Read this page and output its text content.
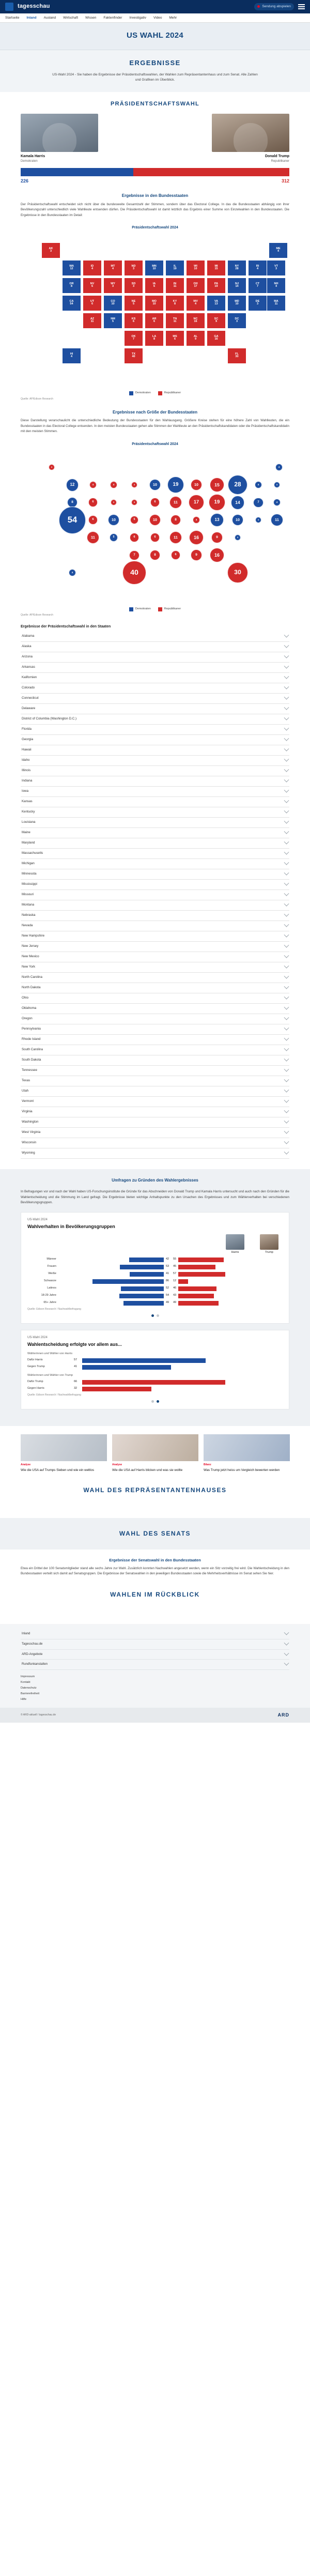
tagesschau	Sendung abspielen
Startseite Inland Ausland Wirtschaft Wissen Faktenfinder Investigativ Video Mehr
US WAHL 2024
ERGEBNISSE

US-Wahl 2024 - Sie haben die Ergebnisse der Präsidentschaftswahlen, der Wahlen zum Repräsentantenhaus und zum Senat. Alle Zahlen und Grafiken im Überblick.

PRÄSIDENTSCHAFTSWAHL
Kamala Harris
Demokraten
Donald Trump
Republikaner
226	312
Ergebnisse in den Bundesstaaten
Der Präsidentschaftswahl entscheidet sich nicht über die bundesweite Gesamtzahl der Stimmen, sondern über das Electoral College. In das die Bundesstaaten abhängig von ihrer Bevölkerungszahl unterschiedlich viele Wahlleute entsenden dürfen. Die Präsidentschaftswahl ist damit letztlich das Ergebnis einer Summe von Einzelwahlen in den Bundesstaaten. Die Ergebnisse in den Bundesstaaten im Detail:
Präsidentschaftswahl 2024
WA
12
OR
8
CA
54
NV
6
ID
4
MT
4
WY
3
UT
6
AZ
11
CO
10
NM
5
ND
3
SD
3
NE
5
KS
6
OK
7
TX
40
MN
10
IA
6
MO
10
AR
6
LA
8
WI
10
IL
19
MS
6
AL
9
MI
15
IN
11
KY
8
TN
11
GA
16
FL
30
OH
17
WV
4
SC
9
NC
16
VA
13
PA
19
NY
28
VT
3
NH
4
ME
4
MA
11
RI
4
CT
7
NJ
14
DE
3
MD
10
DC
3
AK
3
HI
4
Demokraten	Republikaner
Quelle: AP/Edison Research
Ergebnisse nach Größe der Bundesstaaten
Diese Darstellung verarschaulicht die unterschiedliche Bedeutung der Bundesstaaten für den Wahlausgang. Größere Kreise stehen für eine höhere Zahl von Wahlleuten, die ein Bundesstaaten in das Electoral College entsenden. In den meisten Bundesstaaten gehen alle Stimmen der Wahlleute an den Präsidentschaftskandidaten oder die Präsidentschaftskandidatin mit den meisten Stimmen.
Präsidentschaftswahl 2024
12
8
54
6
4	4
3
6
11
10
5
3
3
5
6
7
40
10
6
10
6
8
10
19
6	9
15
11
8
11
16
30
17
4
9
16
13
19
28	3
4
4
11
4
7
14
3
10
3
3
4
Demokraten	Republikaner
Quelle: AP/Edison Research
Ergebnisse der Präsidentschaftswahl in den Staaten
Alabama
Alaska
Arizona
Arkansas
Kalifornien
Colorado
Connecticut
Delaware
District of Columbia (Washington D.C.)
Florida
Georgia
Hawaii
Idaho
Illinois
Indiana
Iowa
Kansas
Kentucky
Louisiana
Maine
Maryland
Massachusetts
Michigan
Minnesota
Mississippi
Missouri
Montana
Nebraska
Nevada
New Hampshire
New Jersey
New Mexico
New York
North Carolina
North Dakota
Ohio
Oklahoma
Oregon
Pennsylvania
Rhode Island
South Carolina
South Dakota
Tennessee
Texas
Utah
Vermont
Virginia
Washington
West Virginia
Wisconsin
Wyoming
Umfragen zu Gründen des Wahlergebnisses
In Befragungen vor und nach der Wahl haben US-Forschungsinstitute die Gründe für das Abschneiden von Donald Trump und Kamala Harris untersucht und auch nach den Gründen für die Wahlentscheidung und die Stimmung im Land gefragt. Die Ergebnisse bieten wichtige Anhaltspunkte zu den Ursachen des Ergebnisses und zum Wählerverhalten bei verschiedenen Bevölkerungsgruppen.
US-Wahl 2024
Wahlverhalten in Bevölkerungsgruppen
Harris	Trump
Männer	42	55
Frauen	53	45
Weiße	41	57
Schwarze	86	12
Latinos	52	46
18-29 Jahre	54	43
65+ Jahre	49	49
Quelle: Edison Research / Nachwahlbefragung
US-Wahl 2024
Wahlentscheidung erfolgte vor allem aus...
Wählerinnen und Wähler von Harris
Dafür Harris	57
Gegen Trump	41
Wählerinnen und Wähler von Trump
Dafür Trump	66
Gegen Harris	32
Quelle: Edison Research / Nachwahlbefragung
Analyse
Wie die USA auf Trumps Sieben und wie ein weltlos
Analyse
Wie die USA auf Harris blicken und was sie wollte
Bilanz
Was Trump jetzt heiss um Vergleich bewerten werden
WAHL DES REPRÄSENTANTENHAUSES
WAHL DES SENATS
Ergebnisse der Senatswahl in den Bundesstaaten
Etwa ein Drittel der 100 Senatsmitglieder stand alle sechs Jahre zur Wahl. Zusätzlich konnten Nachwahlen angesetzt werden, wenn ein Sitz vorzeitig frei wird. Die Wahlentscheidung in den Bundesstaaten verteilt sich damit auf Senatsgruppen. Die Ergebnisse der Senatswahlen in den jeweiligen Bundesstaaten sowie die Mehrheitsverhältnisse im Senat sehen Sie hier.
WAHLEN IM RÜCKBLICK
Inland
Tagesschau.de
ARD-Angebote
Rundfunkanstalten
Impressum
Kontakt
Datenschutz
Barrierefreiheit
Hilfe
© ARD-aktuell / tagesschau.de	ARD
